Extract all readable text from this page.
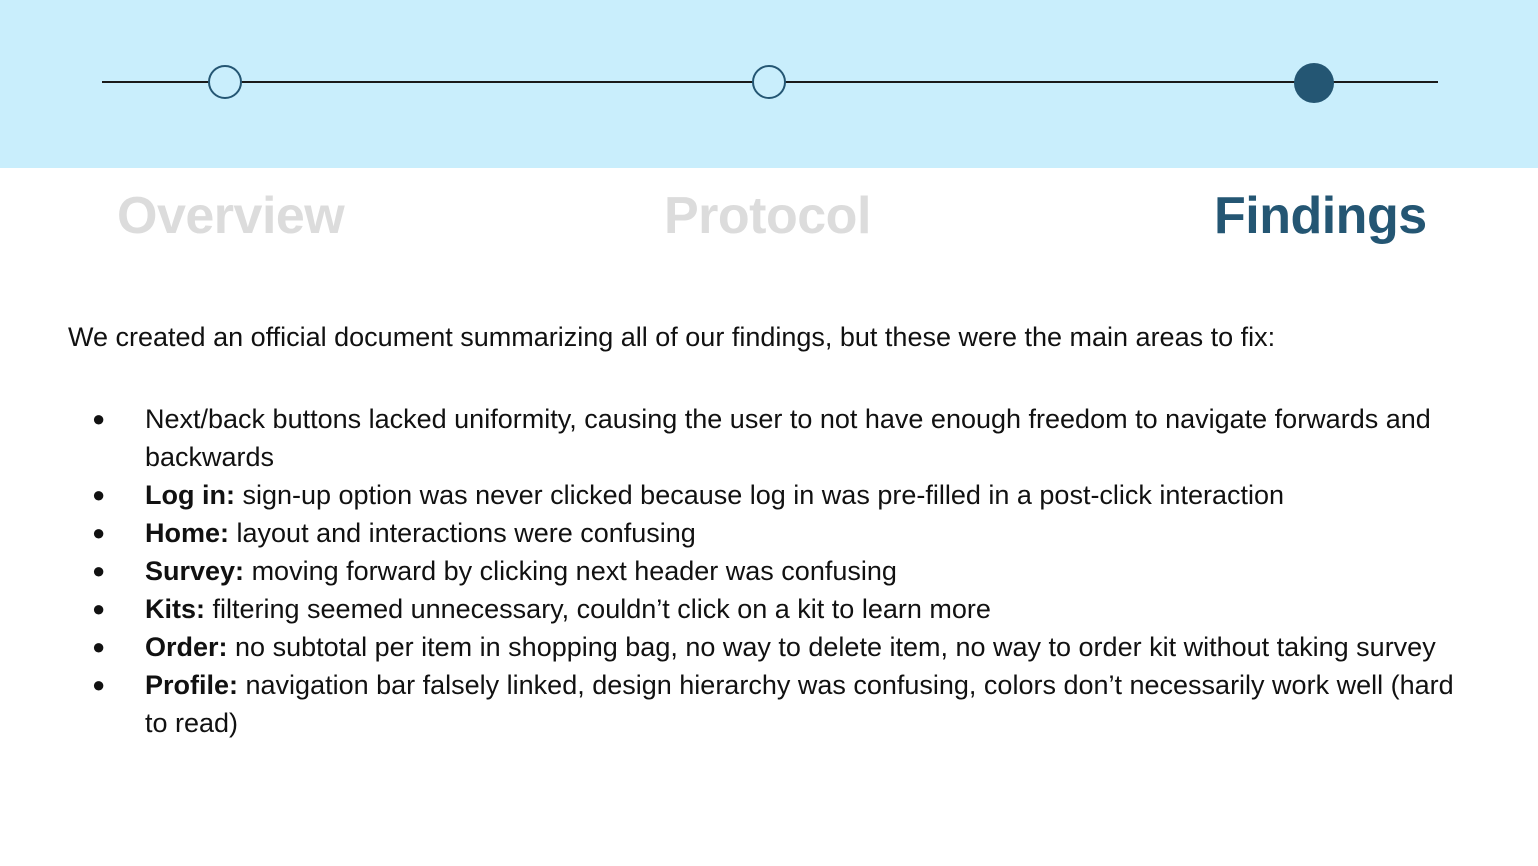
Overview	Protocol	Findings
We created an official document summarizing all of our findings, but these were the main areas to fix:
● Next/back buttons lacked uniformity, causing the user to not have enough freedom to navigate forwards and backwards
● Log in: sign-up option was never clicked because log in was pre-filled in a post-click interaction
● Home: layout and interactions were confusing
● Survey: moving forward by clicking next header was confusing
● Kits: filtering seemed unnecessary, couldn’t click on a kit to learn more
● Order: no subtotal per item in shopping bag, no way to delete item, no way to order kit without taking survey
● Profile: navigation bar falsely linked, design hierarchy was confusing, colors don’t necessarily work well (hard to read)
